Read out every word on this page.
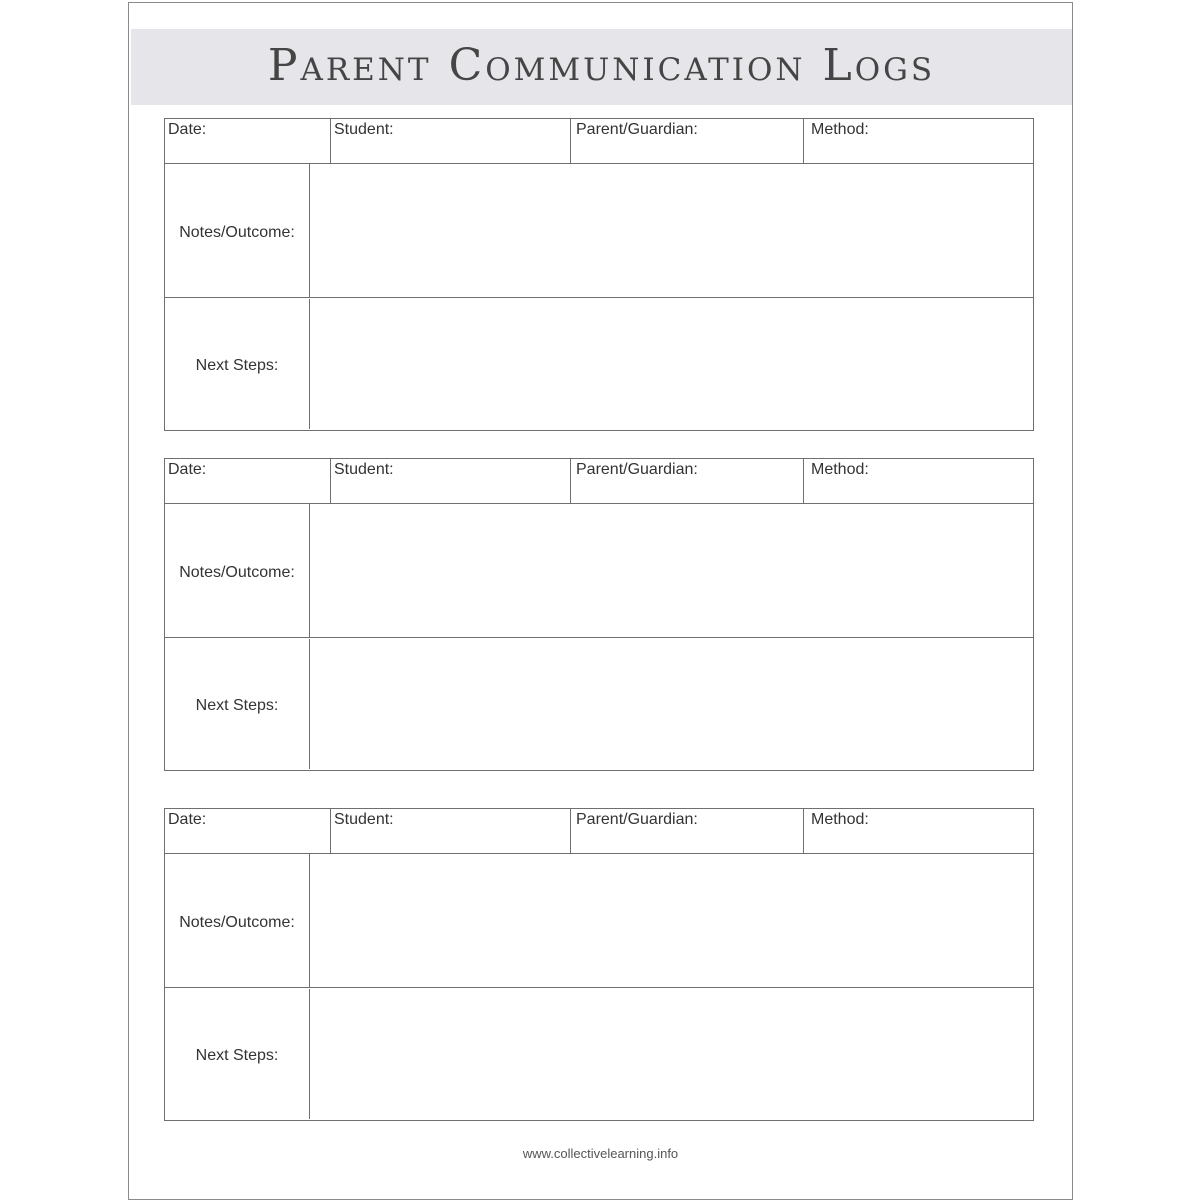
Parent Communication Logs
Date:	Student:	Parent/Guardian:	Method:
Notes/Outcome:
Next Steps:
Date:	Student:	Parent/Guardian:	Method:
Notes/Outcome:
Next Steps:
Date:	Student:	Parent/Guardian:	Method:
Notes/Outcome:
Next Steps:
www.collectivelearning.info
